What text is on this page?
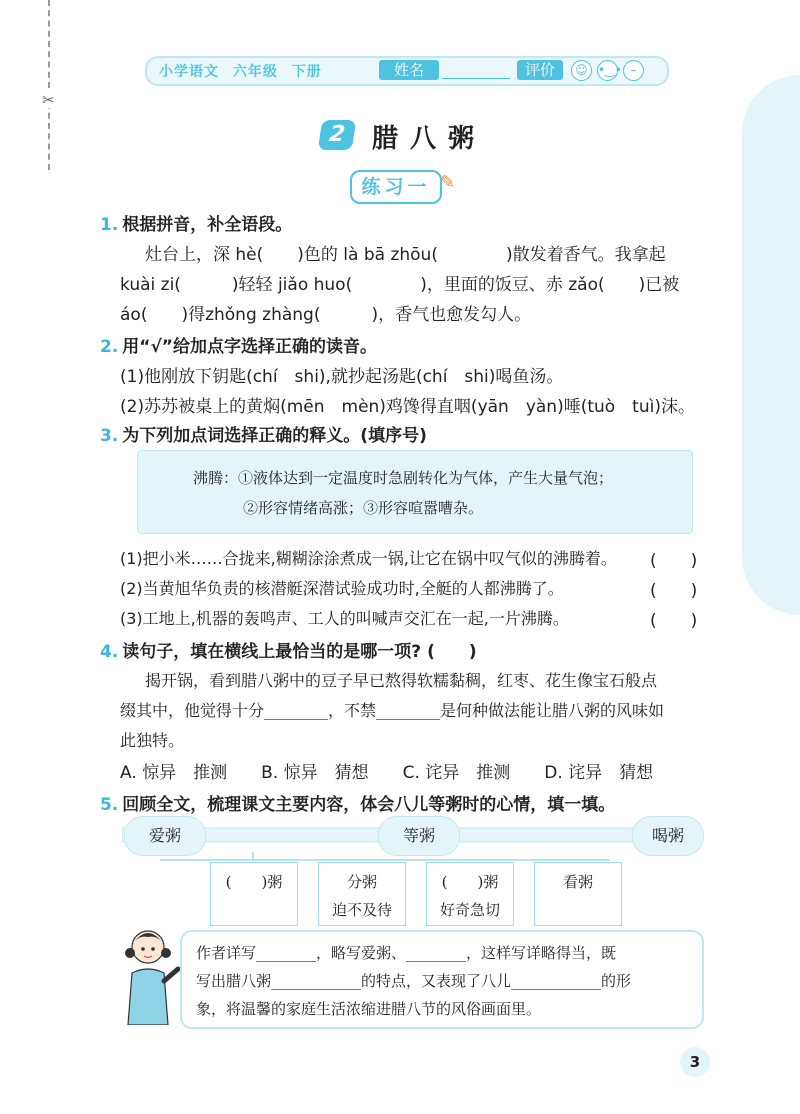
✂
小学语文 六年级 下册	姓名	评价	☺ •‿• –
2 腊八粥
练习一 ✎
1. 根据拼音，补全语段。
灶台上，深 hè(　　)色的 là bā zhōu(　　　　)散发着香气。我拿起
kuài zi(　　　)轻轻 jiǎo huo(　　　　)，里面的饭豆、赤 zǎo(　　)已被
áo(　　)得zhǒng zhàng(　　　)，香气也愈发勾人。
2. 用“√”给加点字选择正确的读音。
(1)他刚放下钥匙(chí　shi),就抄起汤匙(chí　shi)喝鱼汤。
(2)苏苏被桌上的黄焖(mēn　mèn)鸡馋得直咽(yān　yàn)唾(tuò　tuì)沫。
3. 为下列加点词选择正确的释义。(填序号)
沸腾：①液体达到一定温度时急剧转化为气体，产生大量气泡；
②形容情绪高涨；③形容喧嚣嘈杂。
(1)把小米……合拢来,糊糊涂涂煮成一锅,让它在锅中叹气似的沸腾着。 (　　)
(2)当黄旭华负责的核潜艇深潜试验成功时,全艇的人都沸腾了。	(　　)
(3)工地上,机器的轰鸣声、工人的叫喊声交汇在一起,一片沸腾。	(　　)
4. 读句子，填在横线上最恰当的是哪一项? (　　)
揭开锅，看到腊八粥中的豆子早已熬得软糯黏稠，红枣、花生像宝石般点
缀其中，他觉得十分________，不禁________是何种做法能让腊八粥的风味如
此独特。
A. 惊异　推测　　B. 惊异　猜想　　C. 诧异　推测　　D. 诧异　猜想
5. 回顾全文，梳理课文主要内容，体会八儿等粥时的心情，填一填。
爱粥	等粥	喝粥
(　　)粥	分粥
迫不及待
(　　)粥
好奇急切
看粥
作者详写________，略写爱粥、________，这样写详略得当，既
写出腊八粥____________的特点，又表现了八儿____________的形
象，将温馨的家庭生活浓缩进腊八节的风俗画面里。
3
